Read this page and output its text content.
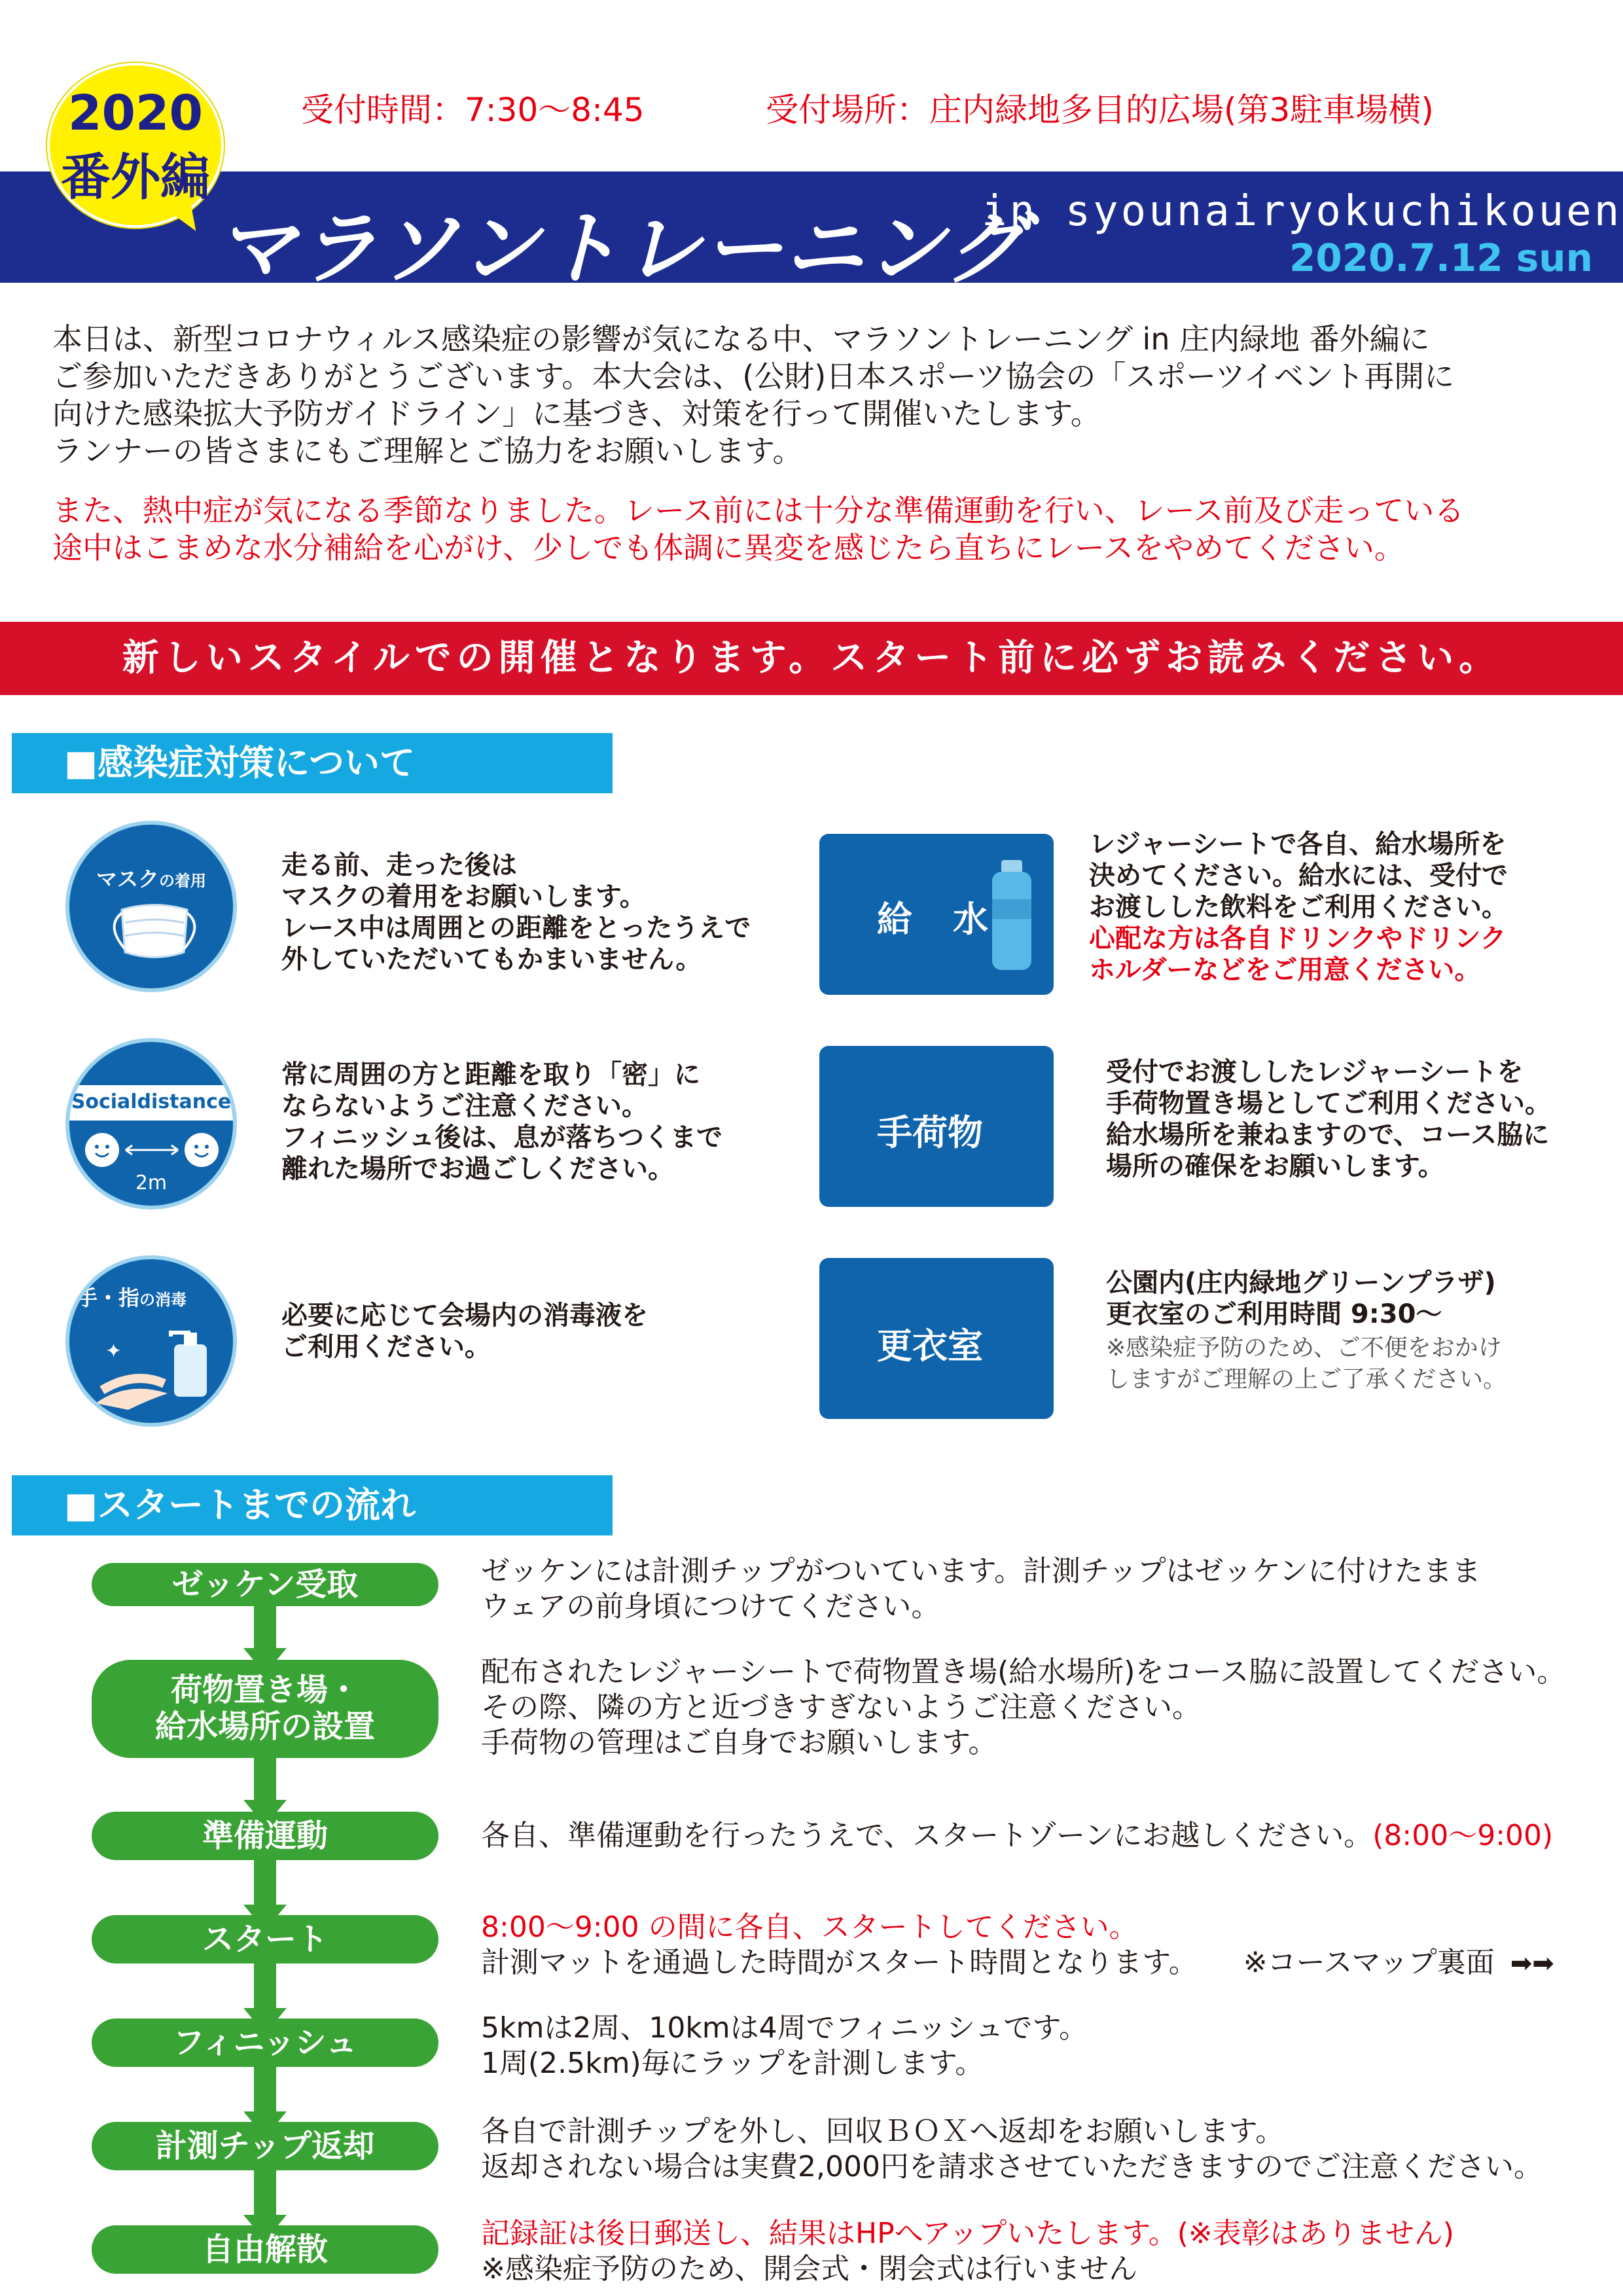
2020
番外編
受付時間：7:30〜8:45	受付場所：庄内緑地多目的広場(第3駐車場横)
マラソントレーニング
in syounairyokuchikouen
2020.7.12 sun
本日は、新型コロナウィルス感染症の影響が気になる中、マラソントレーニング in 庄内緑地 番外編に
ご参加いただきありがとうございます。本大会は、(公財)日本スポーツ協会の「スポーツイベント再開に
向けた感染拡大予防ガイドライン」に基づき、対策を行って開催いたします。
ランナーの皆さまにもご理解とご協力をお願いします。
また、熱中症が気になる季節なりました。レース前には十分な準備運動を行い、レース前及び走っている
途中はこまめな水分補給を心がけ、少しでも体調に異変を感じたら直ちにレースをやめてください。
新しいスタイルでの開催となります。スタート前に必ずお読みください。
■感染症対策について
マスクの着用
走る前、走った後は
マスクの着用をお願いします。
レース中は周囲との距離をとったうえで
外していただいてもかまいません。
Socialdistance
2m
常に周囲の方と距離を取り「密」に
ならないようご注意ください。
フィニッシュ後は、息が落ちつくまで
離れた場所でお過ごしください。
手・指の消毒
✦
必要に応じて会場内の消毒液を
ご利用ください。
給　水
レジャーシートで各自、給水場所を
決めてください。給水には、受付で
お渡しした飲料をご利用ください。
心配な方は各自ドリンクやドリンク
ホルダーなどをご用意ください。
手荷物
受付でお渡ししたレジャーシートを
手荷物置き場としてご利用ください。
給水場所を兼ねますので、コース脇に
場所の確保をお願いします。
更衣室
公園内(庄内緑地グリーンプラザ)
更衣室のご利用時間 9:30〜
※感染症予防のため、ご不便をおかけ
しますがご理解の上ご了承ください。
■スタートまでの流れ
ゼッケン受取	ゼッケンには計測チップがついています。計測チップはゼッケンに付けたまま
ウェアの前身頃につけてください。
荷物置き場・
給水場所の設置
配布されたレジャーシートで荷物置き場(給水場所)をコース脇に設置してください。
その際、隣の方と近づきすぎないようご注意ください。
手荷物の管理はご自身でお願いします。
準備運動	各自、準備運動を行ったうえで、スタートゾーンにお越しください。(8:00〜9:00)
スタート	8:00〜9:00 の間に各自、スタートしてください。
計測マットを通過した時間がスタート時間となります。 ※コースマップ裏面 ➡➡
フィニッシュ	5kmは2周、10kmは4周でフィニッシュです。
1周(2.5km)毎にラップを計測します。
計測チップ返却	各自で計測チップを外し、回収ＢＯＸへ返却をお願いします。
返却されない場合は実費2,000円を請求させていただきますのでご注意ください。
自由解散	記録証は後日郵送し、結果はHPへアップいたします。(※表彰はありません)
※感染症予防のため、開会式・閉会式は行いません
